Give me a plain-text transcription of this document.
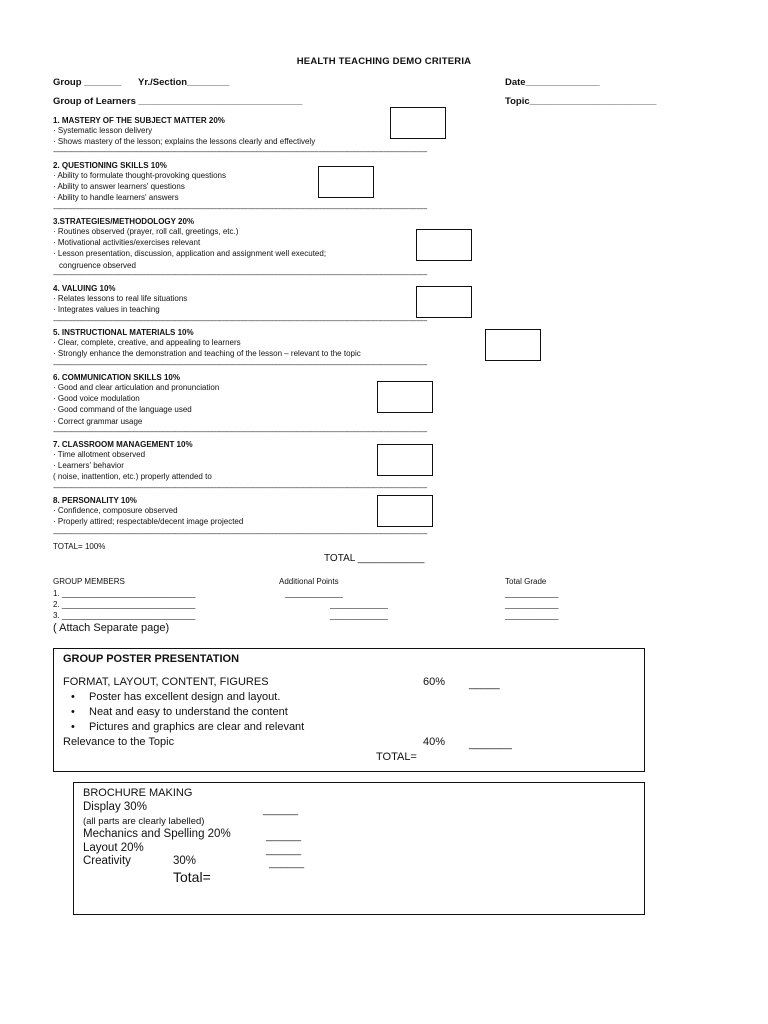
HEALTH TEACHING DEMO CRITERIA
Group _______ Yr./Section________	Date______________
Group of Learners _______________________________	Topic________________________
1. MASTERY OF THE SUBJECT MATTER 20%
· Systematic lesson delivery
· Shows mastery of the lesson; explains the lessons clearly and effectively
------------------------------------------------------------------------------------------------------------------------------------------------------------------------------------------------------------------------
2. QUESTIONING SKILLS 10%
· Ability to formulate thought-provoking questions
· Ability to answer learners' questions
· Ability to handle learners' answers
------------------------------------------------------------------------------------------------------------------------------------------------------------------------------------------------------------------------
3.STRATEGIES/METHODOLOGY 20%
· Routines observed (prayer, roll call, greetings, etc.)
· Motivational activities/exercises relevant
· Lesson presentation, discussion, application and assignment well executed;
congruence observed
------------------------------------------------------------------------------------------------------------------------------------------------------------------------------------------------------------------------
4. VALUING 10%
· Relates lessons to real life situations
· Integrates values in teaching
------------------------------------------------------------------------------------------------------------------------------------------------------------------------------------------------------------------------
5. INSTRUCTIONAL MATERIALS 10%
· Clear, complete, creative, and appealing to learners
· Strongly enhance the demonstration and teaching of the lesson – relevant to the topic
------------------------------------------------------------------------------------------------------------------------------------------------------------------------------------------------------------------------
6. COMMUNICATION SKILLS 10%
· Good and clear articulation and pronunciation
· Good voice modulation
· Good command of the language used
· Correct grammar usage
------------------------------------------------------------------------------------------------------------------------------------------------------------------------------------------------------------------------
7. CLASSROOM MANAGEMENT 10%
· Time allotment observed
· Learners' behavior
( noise, inattention, etc.) properly attended to
------------------------------------------------------------------------------------------------------------------------------------------------------------------------------------------------------------------------
8. PERSONALITY 10%
· Confidence, composure observed
· Properly attired; respectable/decent image projected
------------------------------------------------------------------------------------------------------------------------------------------------------------------------------------------------------------------------
TOTAL= 100%
TOTAL ____________
GROUP MEMBERS	Additional Points	Total Grade
1. ______________________________	_____________	____________
2. ______________________________	_____________	____________
3. ______________________________	_____________	____________
( Attach Separate page)
GROUP POSTER PRESENTATION
FORMAT, LAYOUT, CONTENT, FIGURES	60% _____
• Poster has excellent design and layout.
• Neat and easy to understand the content
• Pictures and graphics are clear and relevant
Relevance to the Topic	40% _______
TOTAL=
BROCHURE MAKING
Display 30%	______
(all parts are clearly labelled)
Mechanics and Spelling 20%	______
Layout 20%	______
Creativity	30%	______
Total=
